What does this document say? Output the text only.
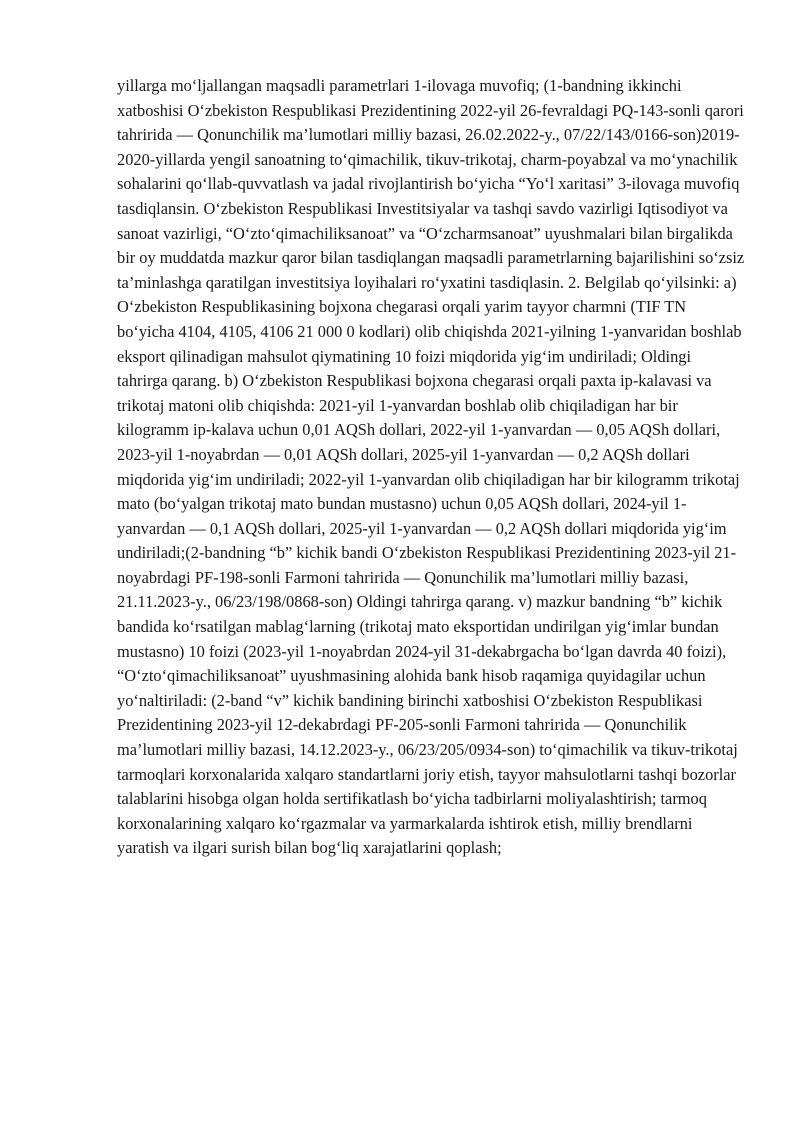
yillarga mo‘ljallangan maqsadli parametrlari 1-ilovaga muvofiq; (1-bandning ikkinchi xatboshisi O‘zbekiston Respublikasi Prezidentining 2022-yil 26-fevraldagi PQ-143-sonli qarori tahririda — Qonunchilik ma’lumotlari milliy bazasi, 26.02.2022-y., 07/22/143/0166-son)2019-2020-yillarda yengil sanoatning to‘qimachilik, tikuv-trikotaj, charm-poyabzal va mo‘ynachilik sohalarini qo‘llab-quvvatlash va jadal rivojlantirish bo‘yicha “Yo‘l xaritasi” 3-ilovaga muvofiq tasdiqlansin. O‘zbekiston Respublikasi Investitsiyalar va tashqi savdo vazirligi Iqtisodiyot va sanoat vazirligi, “O‘zto‘qimachiliksanoat” va “O‘zcharmsanoat” uyushmalari bilan birgalikda bir oy muddatda mazkur qaror bilan tasdiqlangan maqsadli parametrlarning bajarilishini so‘zsiz ta’minlashga qaratilgan investitsiya loyihalari ro‘yxatini tasdiqlasin. 2. Belgilab qo‘yilsinki: a) O‘zbekiston Respublikasining bojxona chegarasi orqali yarim tayyor charmni (TIF TN bo‘yicha 4104, 4105, 4106 21 000 0 kodlari) olib chiqishda 2021-yilning 1-yanvaridan boshlab eksport qilinadigan mahsulot qiymatining 10 foizi miqdorida yig‘im undiriladi; Oldingi tahrirga qarang. b) O‘zbekiston Respublikasi bojxona chegarasi orqali paxta ip-kalavasi va trikotaj matoni olib chiqishda: 2021-yil 1-yanvardan boshlab olib chiqiladigan har bir kilogramm ip-kalava uchun 0,01 AQSh dollari, 2022-yil 1-yanvardan — 0,05 AQSh dollari, 2023-yil 1-noyabrdan — 0,01 AQSh dollari, 2025-yil 1-yanvardan — 0,2 AQSh dollari miqdorida yig‘im undiriladi; 2022-yil 1-yanvardan olib chiqiladigan har bir kilogramm trikotaj mato (bo‘yalgan trikotaj mato bundan mustasno) uchun 0,05 AQSh dollari, 2024-yil 1-yanvardan — 0,1 AQSh dollari, 2025-yil 1-yanvardan — 0,2 AQSh dollari miqdorida yig‘im undiriladi;(2-bandning “b” kichik bandi O‘zbekiston Respublikasi Prezidentining 2023-yil 21-noyabrdagi PF-198-sonli Farmoni tahririda — Qonunchilik ma’lumotlari milliy bazasi, 21.11.2023-y., 06/23/198/0868-son) Oldingi tahrirga qarang. v) mazkur bandning “b” kichik bandida ko‘rsatilgan mablag‘larning (trikotaj mato eksportidan undirilgan yig‘imlar bundan mustasno) 10 foizi (2023-yil 1-noyabrdan 2024-yil 31-dekabrgacha bo‘lgan davrda 40 foizi), “O‘zto‘qimachiliksanoat” uyushmasining alohida bank hisob raqamiga quyidagilar uchun yo‘naltiriladi: (2-band “v” kichik bandining birinchi xatboshisi O‘zbekiston Respublikasi Prezidentining 2023-yil 12-dekabrdagi PF-205-sonli Farmoni tahririda — Qonunchilik ma’lumotlari milliy bazasi, 14.12.2023-y., 06/23/205/0934-son) to‘qimachilik va tikuv-trikotaj tarmoqlari korxonalarida xalqaro standartlarni joriy etish, tayyor mahsulotlarni tashqi bozorlar talablarini hisobga olgan holda sertifikatlash bo‘yicha tadbirlarni moliyalashtirish; tarmoq korxonalarining xalqaro ko‘rgazmalar va yarmarkalarda ishtirok etish, milliy brendlarni yaratish va ilgari surish bilan bog‘liq xarajatlarini qoplash;
